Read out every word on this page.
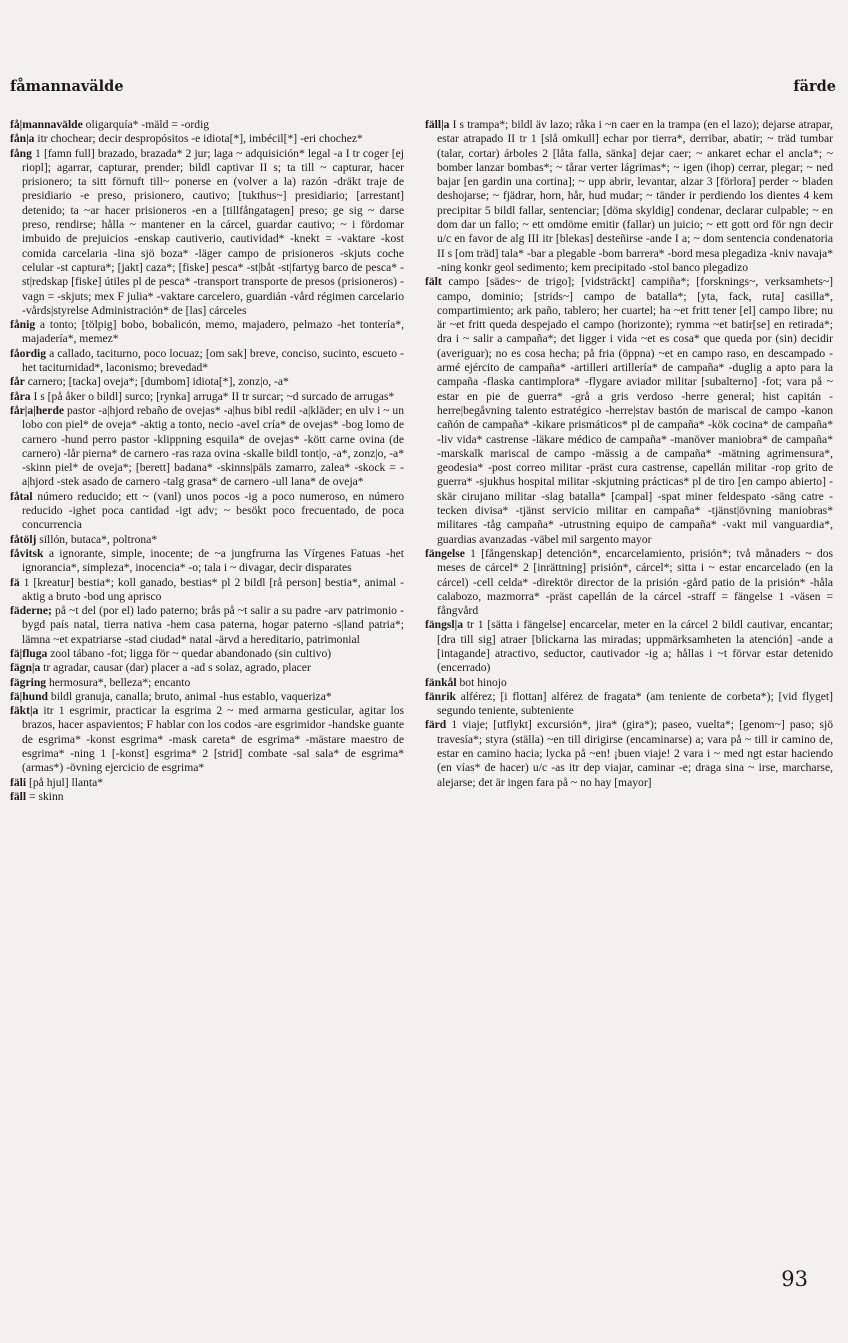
fåmannavälde	färde

få|mannavälde oligarquía* -mäld = -ordig

fån|a itr chochear; decir despropósitos -e idiota[*], imbécil[*] -eri chochez*

fång 1 [famn full] brazado, brazada* 2 jur; laga ~ adquisición* legal -a I tr coger [ej riopl]; agarrar, capturar, prender; bildl captivar II s; ta till ~ capturar, hacer prisionero; ta sitt förnuft till~ ponerse en (volver a la) razón -dräkt traje de presidiario -e preso, prisionero, cautivo; [tukthus~] presidiario; [arrestant] detenido; ta ~ar hacer prisioneros -en a [tillfångatagen] preso; ge sig ~ darse preso, rendirse; hålla ~ mantener en la cárcel, guardar cautivo; ~ i fördomar imbuido de prejuicios -enskap cautiverio, cautividad* -knekt = -vaktare -kost comida carcelaria -lina sjö boza* -läger campo de prisioneros -skjuts coche celular -st captura*; [jakt] caza*; [fiske] pesca* -st|båt -st|fartyg barco de pesca* -st|redskap [fiske] útiles pl de pesca* -transport transporte de presos (prisioneros) -vagn = -skjuts; mex F julia* -vaktare carcelero, guardián -vård régimen carcelario -vårds|styrelse Administración* de [las] cárceles

fånig a tonto; [tölpig] bobo, bobalicón, memo, majadero, pelmazo -het tontería*, majadería*, memez*

fåordig a callado, taciturno, poco locuaz; [om sak] breve, conciso, sucinto, escueto -het taciturnidad*, laconismo; brevedad*

får carnero; [tacka] oveja*; [dumbom] idiota[*], zonz|o, -a*

fåra I s [på åker o bildl] surco; [rynka] arruga* II tr surcar; ~d surcado de arrugas*

får|a|herde pastor -a|hjord rebaño de ovejas* -a|hus bibl redil -a|kläder; en ulv i ~ un lobo con piel* de oveja* -aktig a tonto, necio -avel cría* de ovejas* -bog lomo de carnero -hund perro pastor -klippning esquila* de ovejas* -kött carne ovina (de carnero) -lår pierna* de carnero -ras raza ovina -skalle bildl tont|o, -a*, zonz|o, -a* -skinn piel* de oveja*; [berett] badana* -skinns|päls zamarro, zalea* -skock = -a|hjord -stek asado de carnero -talg grasa* de carnero -ull lana* de oveja*

fåtal número reducido; ett ~ (vanl) unos pocos -ig a poco numeroso, en número reducido -ighet poca cantidad -igt adv; ~ besökt poco frecuentado, de poca concurrencia

fåtölj sillón, butaca*, poltrona*

fåvitsk a ignorante, simple, inocente; de ~a jungfrurna las Vírgenes Fatuas -het ignorancia*, simpleza*, inocencia* -o; tala i ~ divagar, decir disparates

fä 1 [kreatur] bestia*; koll ganado, bestias* pl 2 bildl [rå person] bestia*, animal -aktig a bruto -bod ung aprisco

fäderne; på ~t del (por el) lado paterno; brås på ~t salir a su padre -arv patrimonio -bygd país natal, tierra nativa -hem casa paterna, hogar paterno -s|land patria*; lämna ~et expatriarse -stad ciudad* natal -ärvd a hereditario, patrimonial

fä|fluga zool tábano -fot; ligga för ~ quedar abandonado (sin cultivo)

fägn|a tr agradar, causar (dar) placer a -ad s solaz, agrado, placer

fägring hermosura*, belleza*; encanto

fä|hund bildl granuja, canalla; bruto, animal -hus establo, vaqueriza*

fäkt|a itr 1 esgrimir, practicar la esgrima 2 ~ med armarna gesticular, agitar los brazos, hacer aspavientos; F hablar con los codos -are esgrimidor -handske guante de esgrima* -konst esgrima* -mask careta* de esgrima* -mästare maestro de esgrima* -ning 1 [-konst] esgrima* 2 [strid] combate -sal sala* de esgrima* (armas*) -övning ejercicio de esgrima*

fäli [på hjul] llanta*

fäll = skinn

fäll|a I s trampa*; bildl äv lazo; råka i ~n caer en la trampa (en el lazo); dejarse atrapar, estar atrapado II tr 1 [slå omkull] echar por tierra*, derribar, abatir; ~ träd tumbar (talar, cortar) árboles 2 [låta falla, sänka] dejar caer; ~ ankaret echar el ancla*; ~ bomber lanzar bombas*; ~ tårar verter lágrimas*; ~ igen (ihop) cerrar, plegar; ~ ned bajar [en gardin una cortina]; ~ upp abrir, levantar, alzar 3 [förlora] perder ~ bladen deshojarse; ~ fjädrar, horn, hår, hud mudar; ~ tänder ir perdiendo los dientes 4 kem precipitar 5 bildl fallar, sentenciar; [döma skyldig] condenar, declarar culpable; ~ en dom dar un fallo; ~ ett omdöme emitir (fallar) un juicio; ~ ett gott ord för ngn decir u/c en favor de alg III itr [blekas] desteñirse -ande I a; ~ dom sentencia condenatoria II s [om träd] tala* -bar a plegable -bom barrera* -bord mesa plegadiza -kniv navaja* -ning konkr geol sedimento; kem precipitado -stol banco plegadizo

fält campo [sädes~ de trigo]; [vidsträckt] campiña*; [forsknings~, verksamhets~] campo, dominio; [strids~] campo de batalla*; [yta, fack, ruta] casilla*, compartimiento; ark paño, tablero; her cuartel; ha ~et fritt tener [el] campo libre; nu är ~et fritt queda despejado el campo (horizonte); rymma ~et batir[se] en retirada*; dra i ~ salir a campaña*; det ligger i vida ~et es cosa* que queda por (sin) decidir (averiguar); no es cosa hecha; på fria (öppna) ~et en campo raso, en descampado -armé ejército de campaña* -artilleri artillería* de campaña* -duglig a apto para la campaña -flaska cantimplora* -flygare aviador militar [subalterno] -fot; vara på ~ estar en pie de guerra* -grå a gris verdoso -herre general; hist capitán -herre|begåvning talento estratégico -herre|stav bastón de mariscal de campo -kanon cañón de campaña* -kikare prismáticos* pl de campaña* -kök cocina* de campaña* -liv vida* castrense -läkare médico de campaña* -manöver maniobra* de campaña* -marskalk mariscal de campo -mässig a de campaña* -mätning agrimensura*, geodesia* -post correo militar -präst cura castrense, capellán militar -rop grito de guerra* -sjukhus hospital militar -skjutning prácticas* pl de tiro [en campo abierto] -skär cirujano militar -slag batalla* [campal] -spat miner feldespato -säng catre -tecken divisa* -tjänst servicio militar en campaña* -tjänst|övning maniobras* militares -tåg campaña* -utrustning equipo de campaña* -vakt mil vanguardia*, guardias avanzadas -väbel mil sargento mayor

fängelse 1 [fångenskap] detención*, encarcelamiento, prisión*; två månaders ~ dos meses de cárcel* 2 [inrättning] prisión*, cárcel*; sitta i ~ estar encarcelado (en la cárcel) -cell celda* -direktör director de la prisión -gård patio de la prisión* -håla calabozo, mazmorra* -präst capellán de la cárcel -straff = fängelse 1 -väsen = fångvård

fängsl|a tr 1 [sätta i fängelse] encarcelar, meter en la cárcel 2 bildl cautivar, encantar; [dra till sig] atraer [blickarna las miradas; uppmärksamheten la atención] -ande a [intagande] atractivo, seductor, cautivador -ig a; hållas i ~t förvar estar detenido (encerrado)

fänkål bot hinojo

fänrik alférez; [i flottan] alférez de fragata* (am teniente de corbeta*); [vid flyget] segundo teniente, subteniente

färd 1 viaje; [utflykt] excursión*, jira* (gira*); paseo, vuelta*; [genom~] paso; sjö travesía*; styra (ställa) ~en till dirigirse (encaminarse) a; vara på ~ till ir camino de, estar en camino hacia; lycka på ~en! ¡buen viaje! 2 vara i ~ med ngt estar haciendo (en vías* de hacer) u/c -as itr dep viajar, caminar -e; draga sina ~ irse, marcharse, alejarse; det är ingen fara på ~ no hay [mayor]

93
